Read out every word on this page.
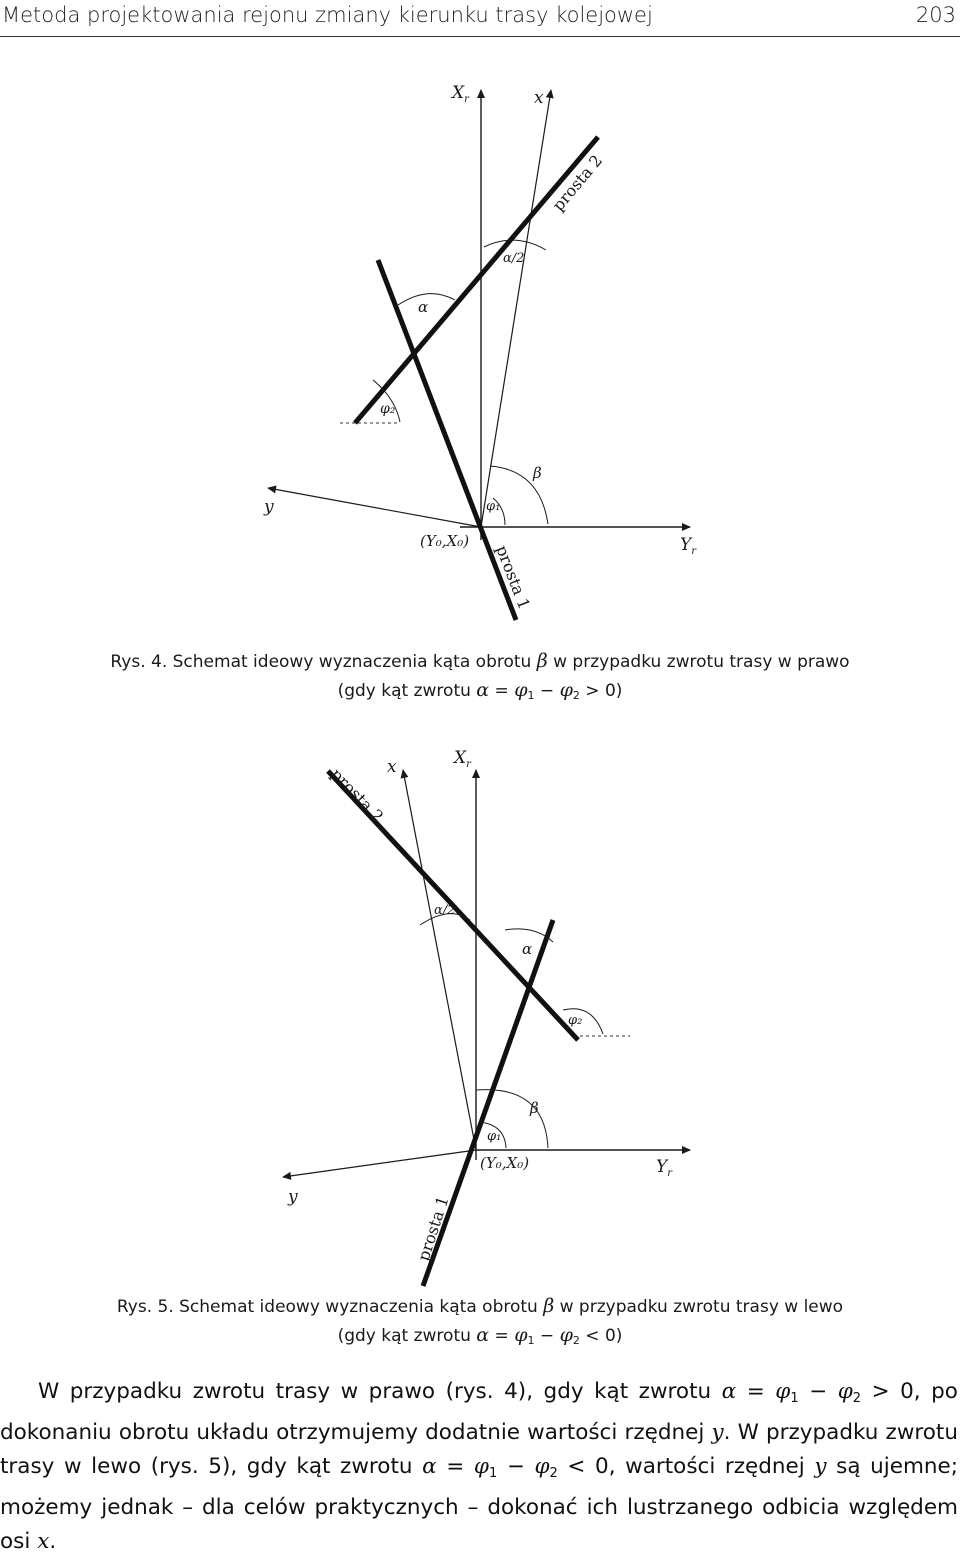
Metoda projektowania rejonu zmiany kierunku trasy kolejowej	203
$X_r$	x
y
$Y_r$
(Y₀,X₀)
prosta 1
prosta 2
α
α/2
φ₂
φ₁
β
Rys. 4. Schemat ideowy wyznaczenia kąta obrotu β w przypadku zwrotu trasy w prawo
(gdy kąt zwrotu $\alpha = \varphi_1 - \varphi_2 > 0$)
x	$X_r$
y
$Y_r$
(Y₀,X₀)
prosta 1
prosta 2
α
α/2
φ₂
φ₁
β
Rys. 5. Schemat ideowy wyznaczenia kąta obrotu β w przypadku zwrotu trasy w lewo
(gdy kąt zwrotu $\alpha = \varphi_1 - \varphi_2 < 0$)

W przypadku zwrotu trasy w prawo (rys. 4), gdy kąt zwrotu $\alpha = \varphi_1 - \varphi_2 > 0$, po dokonaniu obrotu układu otrzymujemy dodatnie wartości rzędnej y. W przypadku zwrotu trasy w lewo (rys. 5), gdy kąt zwrotu $\alpha = \varphi_1 - \varphi_2 < 0$, wartości rzędnej y są ujemne; możemy jednak – dla celów praktycznych – dokonać ich lustrzanego odbicia względem osi x.
